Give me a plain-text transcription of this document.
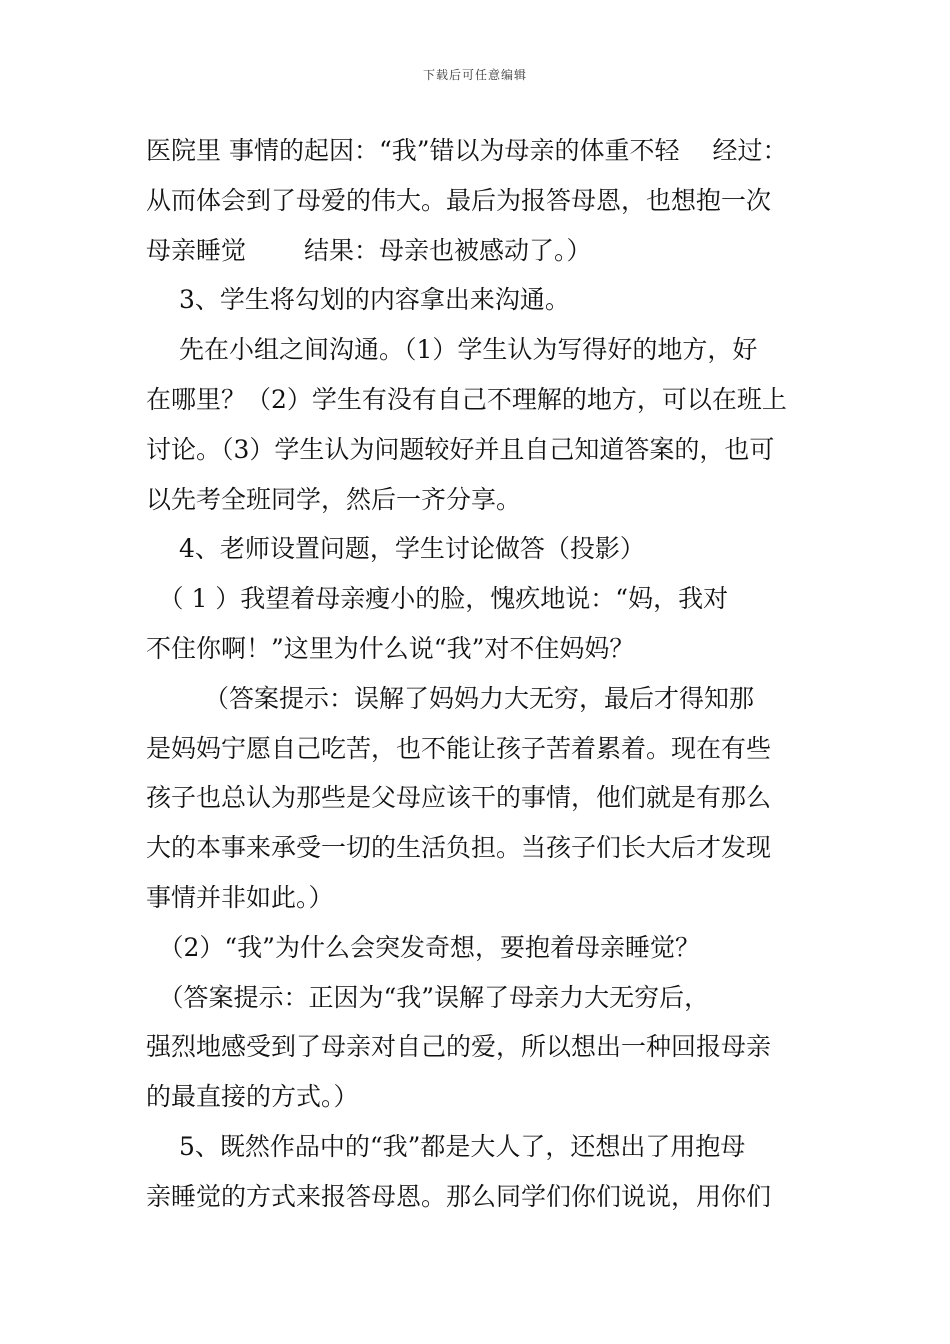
下载后可任意编辑
医院里 事情的起因：“我”错以为母亲的体重不轻　 经过：
从而体会到了母爱的伟大。最后为报答母恩，也想抱一次
母亲睡觉　　 结果：母亲也被感动了。）
　 3、学生将勾划的内容拿出来沟通。
　 先在小组之间沟通。（1）学生认为写得好的地方，好
在哪里？（2）学生有没有自己不理解的地方，可以在班上
讨论。（3）学生认为问题较好并且自己知道答案的，也可
以先考全班同学，然后一齐分享。
　 4、老师设置问题，学生讨论做答（投影）
　（ 1 ）我望着母亲瘦小的脸，愧疚地说：“妈，我对
不住你啊！”这里为什么说“我”对不住妈妈？
　　 （答案提示：误解了妈妈力大无穷，最后才得知那
是妈妈宁愿自己吃苦，也不能让孩子苦着累着。现在有些
孩子也总认为那些是父母应该干的事情，他们就是有那么
大的本事来承受一切的生活负担。当孩子们长大后才发现
事情并非如此。）
　（2）“我”为什么会突发奇想，要抱着母亲睡觉？
　（答案提示：正因为“我”误解了母亲力大无穷后，
强烈地感受到了母亲对自己的爱，所以想出一种回报母亲
的最直接的方式。）
　 5、既然作品中的“我”都是大人了，还想出了用抱母
亲睡觉的方式来报答母恩。那么同学们你们说说，用你们
